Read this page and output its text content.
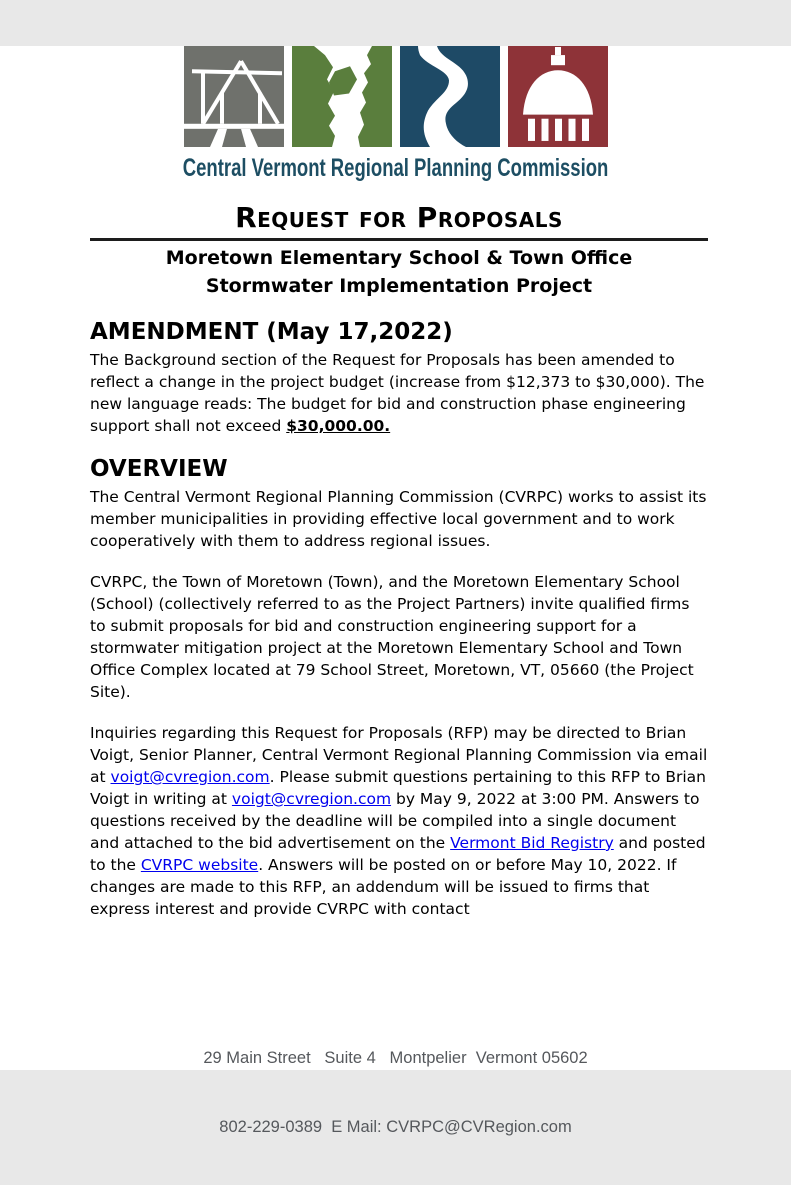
Central Vermont Regional Planning Commission
Request for Proposals
Moretown Elementary School & Town Office
Stormwater Implementation Project
AMENDMENT (May 17,2022)

The Background section of the Request for Proposals has been amended to reflect a change in the project budget (increase from $12,373 to $30,000). The new language reads: The budget for bid and construction phase engineering support shall not exceed $30,000.00.

OVERVIEW

The Central Vermont Regional Planning Commission (CVRPC) works to assist its member municipalities in providing effective local government and to work cooperatively with them to address regional issues.

CVRPC, the Town of Moretown (Town), and the Moretown Elementary School (School) (collectively referred to as the Project Partners) invite qualified firms to submit proposals for bid and construction engineering support for a stormwater mitigation project at the Moretown Elementary School and Town Office Complex located at 79 School Street, Moretown, VT, 05660 (the Project Site).

Inquiries regarding this Request for Proposals (RFP) may be directed to Brian Voigt, Senior Planner, Central Vermont Regional Planning Commission via email at voigt@cvregion.com. Please submit questions pertaining to this RFP to Brian Voigt in writing at voigt@cvregion.com by May 9, 2022 at 3:00 PM. Answers to questions received by the deadline will be compiled into a single document and attached to the bid advertisement on the Vermont Bid Registry and posted to the CVRPC website. Answers will be posted on or before May 10, 2022. If changes are made to this RFP, an addendum will be issued to firms that express interest and provide CVRPC with contact

29 Main Street   Suite 4   Montpelier  Vermont 05602

802-229-0389  E Mail: CVRPC@CVRegion.com
